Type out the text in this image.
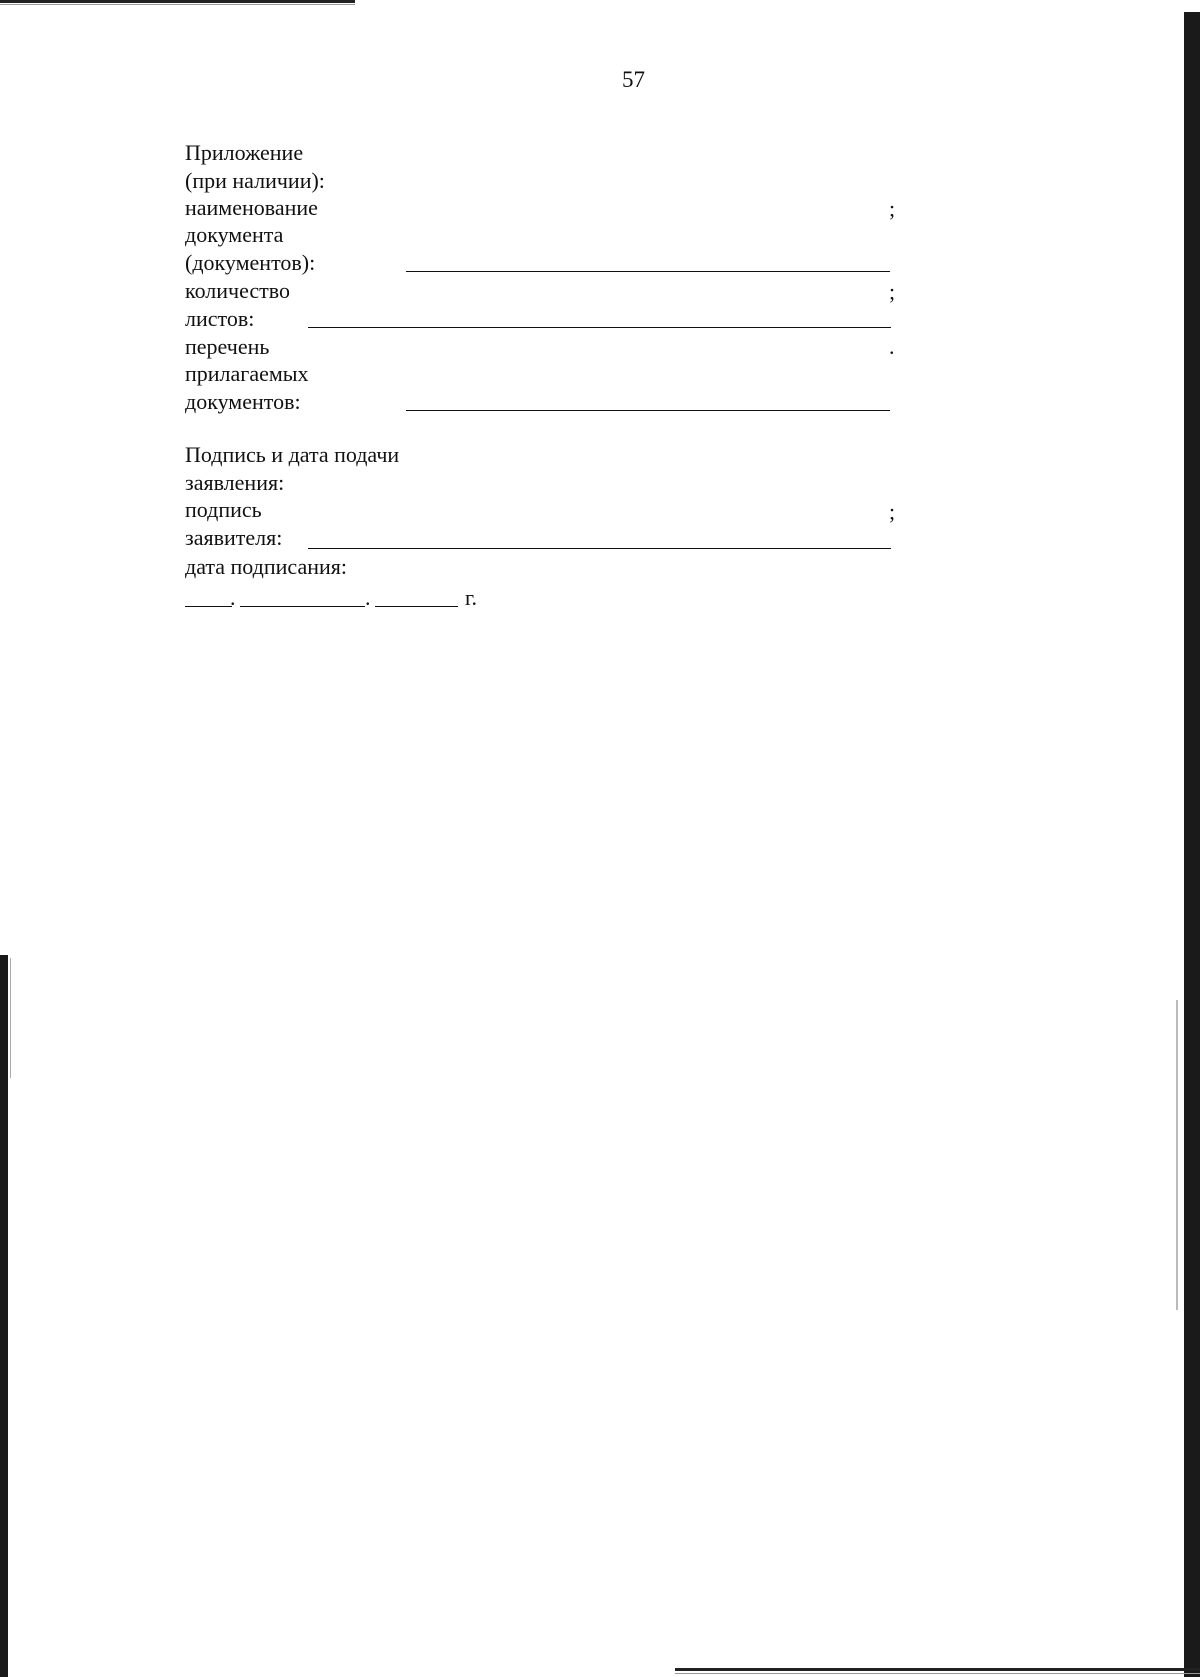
57
Приложение
(при наличии):
наименование
документа
(документов):
;
количество
листов:
;
перечень
прилагаемых
документов:
.
Подпись и дата подачи
заявления:
подпись
заявителя:
;
дата подписания:
.	.	г.
